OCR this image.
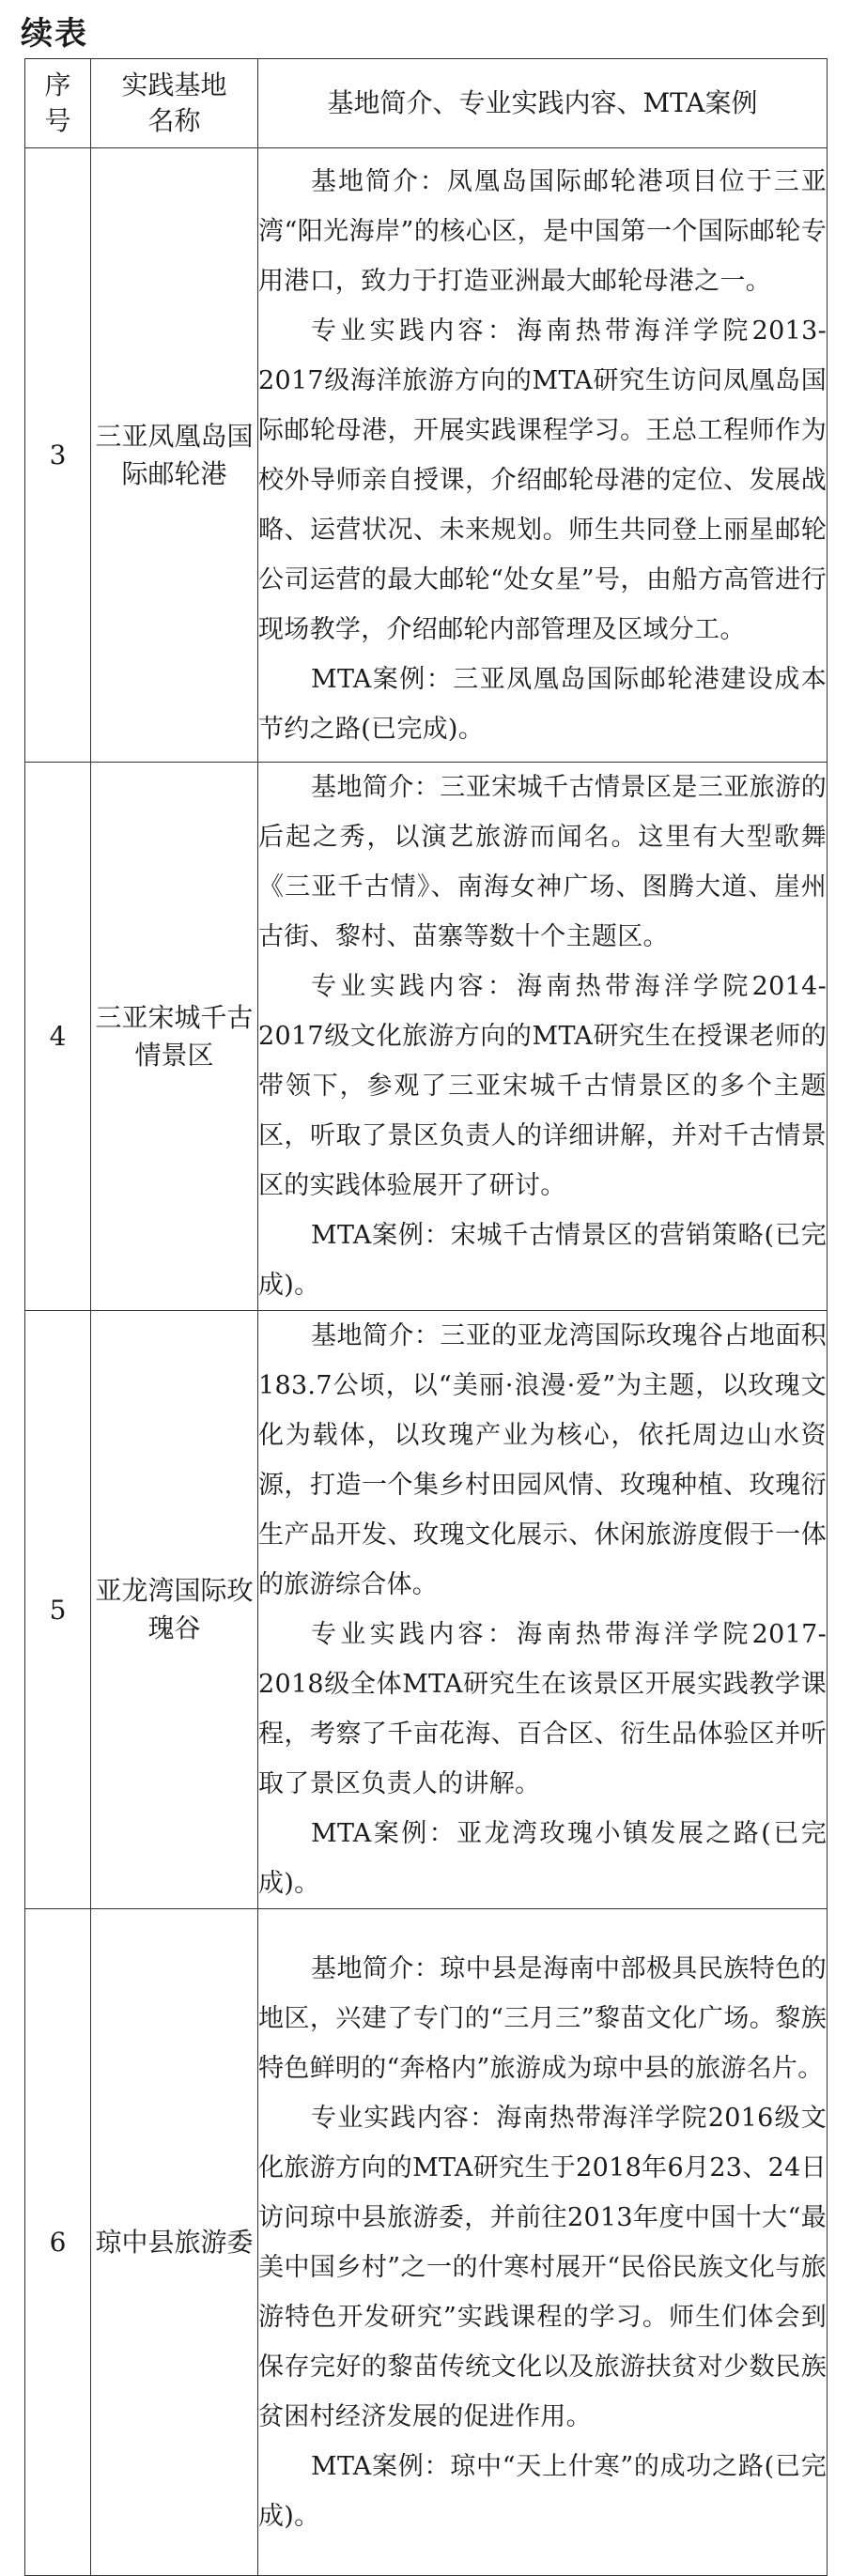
续表
序号	实践基地名称	基地简介、专业实践内容、MTA案例

3	三亚凤凰岛国际邮轮港	基地简介：凤凰岛国际邮轮港项目位于三亚湾“阳光海岸”的核心区，是中国第一个国际邮轮专用港口，致力于打造亚洲最大邮轮母港之一。

专业实践内容：海南热带海洋学院2013-2017级海洋旅游方向的MTA研究生访问凤凰岛国际邮轮母港，开展实践课程学习。王总工程师作为校外导师亲自授课，介绍邮轮母港的定位、发展战略、运营状况、未来规划。师生共同登上丽星邮轮公司运营的最大邮轮“处女星”号，由船方高管进行现场教学，介绍邮轮内部管理及区域分工。

MTA案例：三亚凤凰岛国际邮轮港建设成本节约之路(已完成)。

4	三亚宋城千古情景区	基地简介：三亚宋城千古情景区是三亚旅游的后起之秀，以演艺旅游而闻名。这里有大型歌舞《三亚千古情》、南海女神广场、图腾大道、崖州古街、黎村、苗寨等数十个主题区。

专业实践内容：海南热带海洋学院2014-2017级文化旅游方向的MTA研究生在授课老师的带领下，参观了三亚宋城千古情景区的多个主题区，听取了景区负责人的详细讲解，并对千古情景区的实践体验展开了研讨。

MTA案例：宋城千古情景区的营销策略(已完成)。

5	亚龙湾国际玫瑰谷	基地简介：三亚的亚龙湾国际玫瑰谷占地面积183.7公顷，以“美丽·浪漫·爱”为主题，以玫瑰文化为载体，以玫瑰产业为核心，依托周边山水资源，打造一个集乡村田园风情、玫瑰种植、玫瑰衍生产品开发、玫瑰文化展示、休闲旅游度假于一体的旅游综合体。

专业实践内容：海南热带海洋学院2017-2018级全体MTA研究生在该景区开展实践教学课程，考察了千亩花海、百合区、衍生品体验区并听取了景区负责人的讲解。

MTA案例：亚龙湾玫瑰小镇发展之路(已完成)。

6	琼中县旅游委	基地简介：琼中县是海南中部极具民族特色的地区，兴建了专门的“三月三”黎苗文化广场。黎族特色鲜明的“奔格内”旅游成为琼中县的旅游名片。

专业实践内容：海南热带海洋学院2016级文化旅游方向的MTA研究生于2018年6月23、24日访问琼中县旅游委，并前往2013年度中国十大“最美中国乡村”之一的什寒村展开“民俗民族文化与旅游特色开发研究”实践课程的学习。师生们体会到保存完好的黎苗传统文化以及旅游扶贫对少数民族贫困村经济发展的促进作用。

MTA案例：琼中“天上什寒”的成功之路(已完成)。
